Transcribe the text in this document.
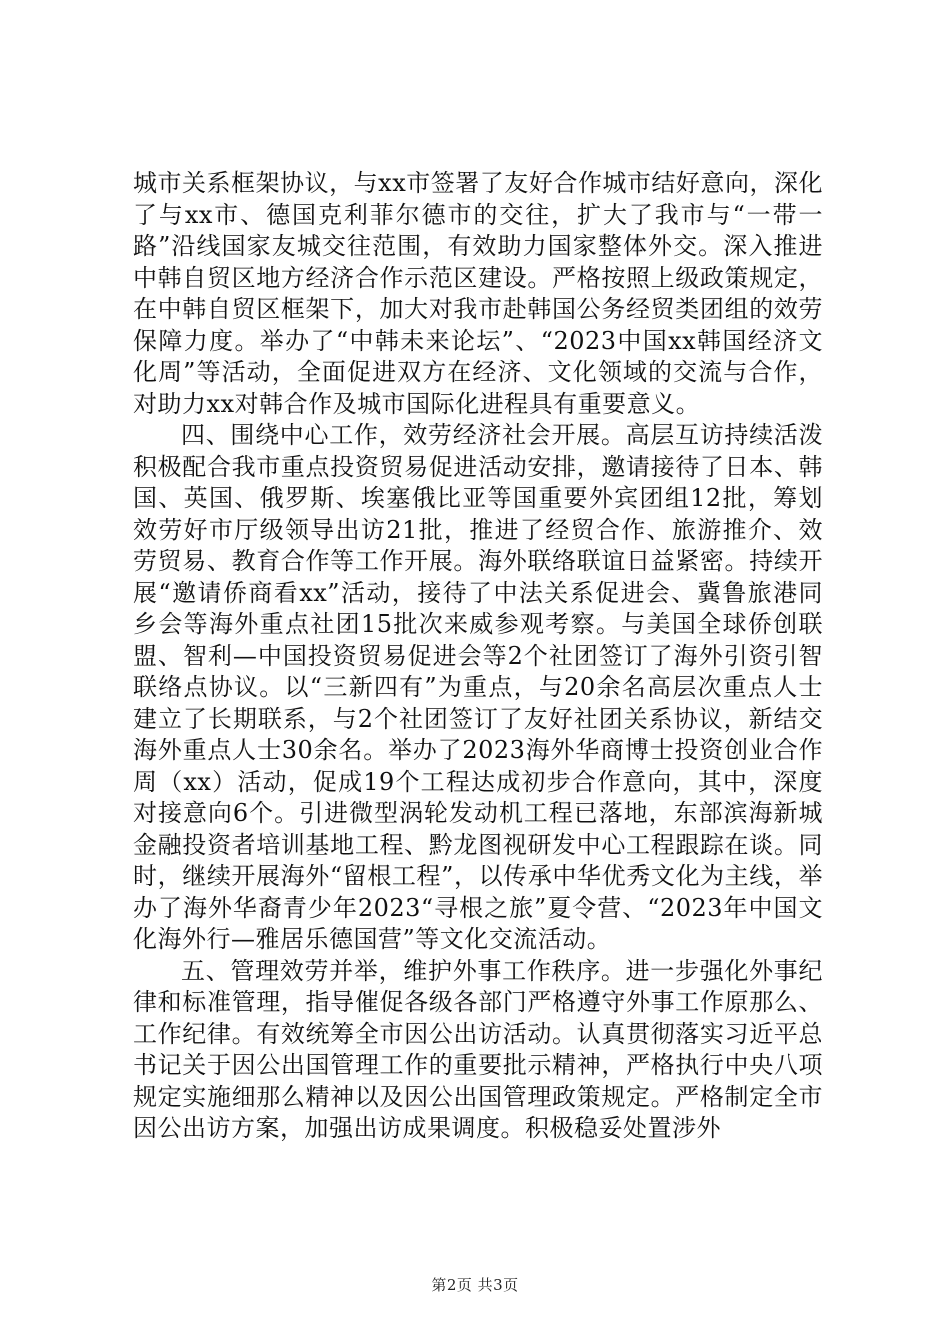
城市关系框架协议，与xx市签署了友好合作城市结好意向，深化了与xx市、德国克利菲尔德市的交往，扩大了我市与“一带一路”沿线国家友城交往范围，有效助力国家整体外交。深入推进中韩自贸区地方经济合作示范区建设。严格按照上级政策规定，在中韩自贸区框架下，加大对我市赴韩国公务经贸类团组的效劳保障力度。举办了“中韩未来论坛”、“2023中国xx韩国经济文化周”等活动，全面促进双方在经济、文化领域的交流与合作，对助力xx对韩合作及城市国际化进程具有重要意义。

四、围绕中心工作，效劳经济社会开展。高层互访持续活泼积极配合我市重点投资贸易促进活动安排，邀请接待了日本、韩国、英国、俄罗斯、埃塞俄比亚等国重要外宾团组12批，筹划效劳好市厅级领导出访21批，推进了经贸合作、旅游推介、效劳贸易、教育合作等工作开展。海外联络联谊日益紧密。持续开展“邀请侨商看xx”活动，接待了中法关系促进会、冀鲁旅港同乡会等海外重点社团15批次来威参观考察。与美国全球侨创联盟、智利—中国投资贸易促进会等2个社团签订了海外引资引智联络点协议。以“三新四有”为重点，与20余名高层次重点人士建立了长期联系，与2个社团签订了友好社团关系协议，新结交海外重点人士30余名。举办了2023海外华商博士投资创业合作周（xx）活动，促成19个工程达成初步合作意向，其中，深度对接意向6个。引进微型涡轮发动机工程已落地，东部滨海新城金融投资者培训基地工程、黔龙图视研发中心工程跟踪在谈。同时，继续开展海外“留根工程”，以传承中华优秀文化为主线，举办了海外华裔青少年2023“寻根之旅”夏令营、“2023年中国文化海外行—雅居乐德国营”等文化交流活动。

五、管理效劳并举，维护外事工作秩序。进一步强化外事纪律和标准管理，指导催促各级各部门严格遵守外事工作原那么、工作纪律。有效统筹全市因公出访活动。认真贯彻落实习近平总书记关于因公出国管理工作的重要批示精神，严格执行中央八项规定实施细那么精神以及因公出国管理政策规定。严格制定全市因公出访方案，加强出访成果调度。积极稳妥处置涉外

第2页 共3页
